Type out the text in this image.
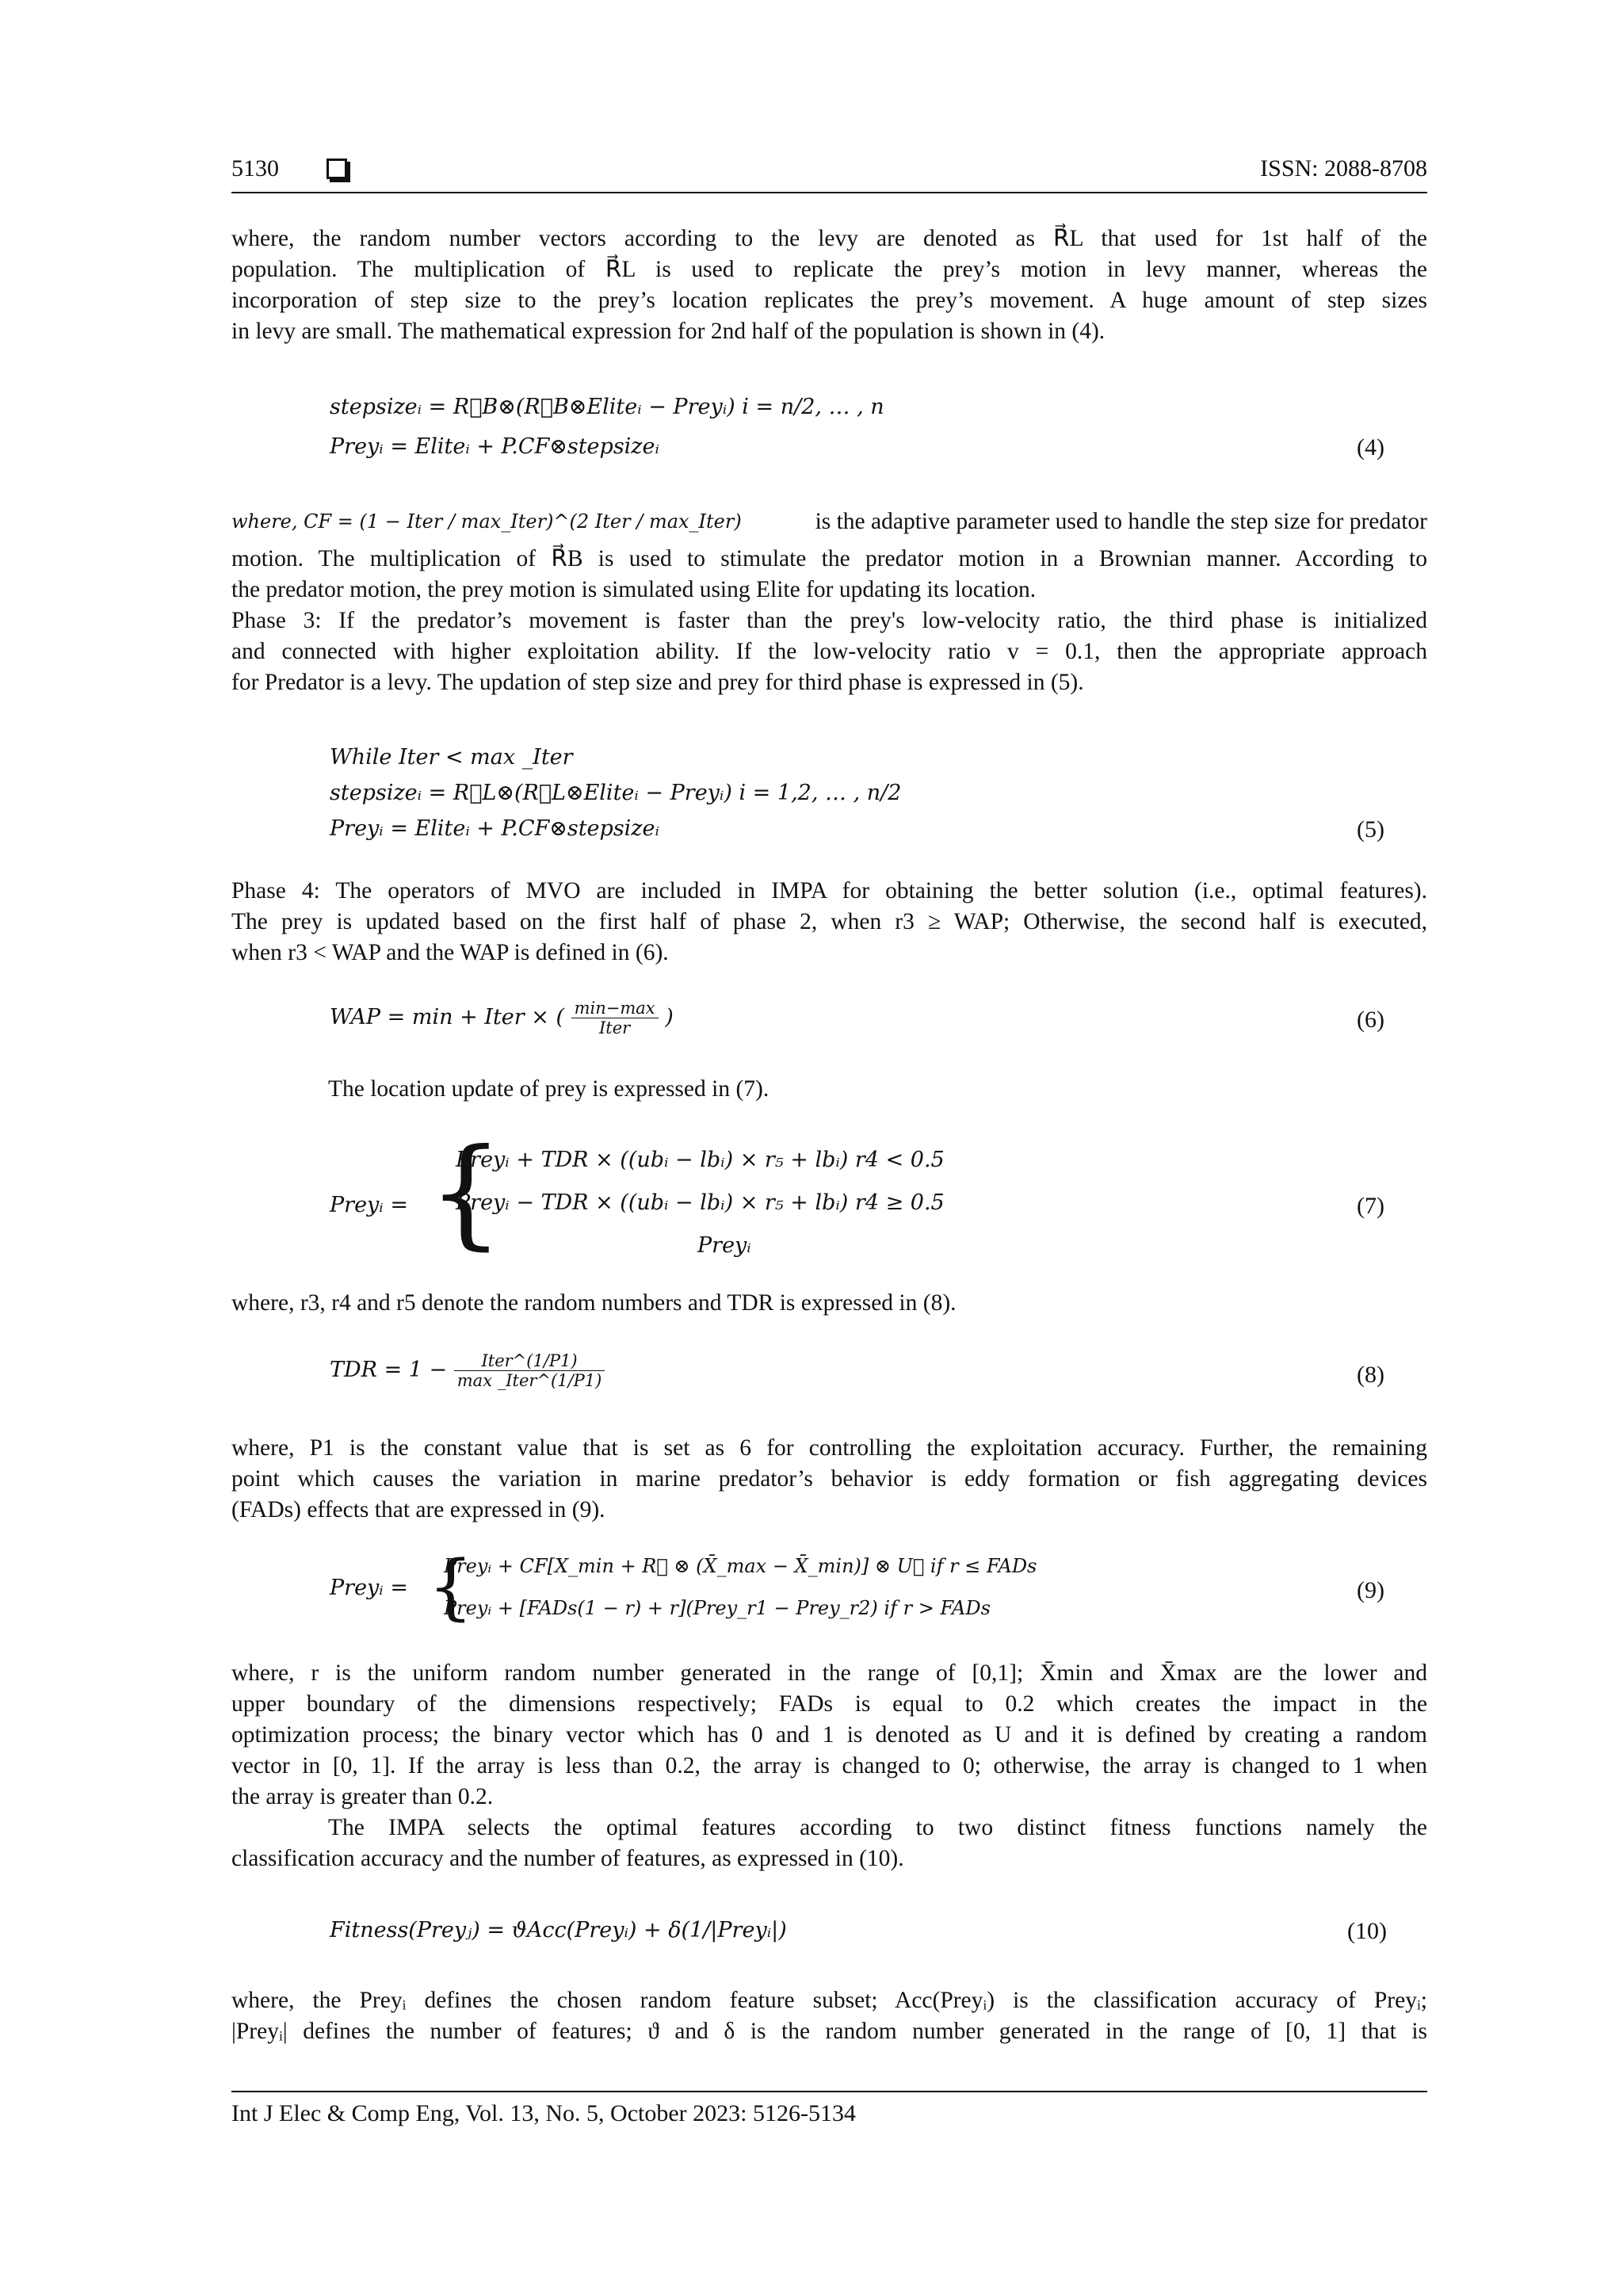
5130	ISSN: 2088-8708
where, the random number vectors according to the levy are denoted as R⃗L that used for 1st half of the
population. The multiplication of R⃗L is used to replicate the prey’s motion in levy manner, whereas the
incorporation of step size to the prey’s location replicates the prey’s movement. A huge amount of step sizes
in levy are small. The mathematical expression for 2nd half of the population is shown in (4).
stepsizeᵢ = R⃗B⊗(R⃗B⊗Eliteᵢ − Preyᵢ) i = n/2, … , n
Preyᵢ = Eliteᵢ + P.CF⊗stepsizeᵢ	(4)
where, CF = (1 − Iter / max_Iter)^(2 Iter / max_Iter)	is the adaptive parameter used to handle the step size for predator
motion. The multiplication of R⃗B is used to stimulate the predator motion in a Brownian manner. According to
the predator motion, the prey motion is simulated using Elite for updating its location.
Phase 3: If the predator’s movement is faster than the prey's low-velocity ratio, the third phase is initialized
and connected with higher exploitation ability. If the low-velocity ratio v = 0.1, then the appropriate approach
for Predator is a levy. The updation of step size and prey for third phase is expressed in (5).
While Iter < max _Iter
stepsizeᵢ = R⃗L⊗(R⃗L⊗Eliteᵢ − Preyᵢ) i = 1,2, … , n/2
Preyᵢ = Eliteᵢ + P.CF⊗stepsizeᵢ	(5)
Phase 4: The operators of MVO are included in IMPA for obtaining the better solution (i.e., optimal features).
The prey is updated based on the first half of phase 2, when r3 ≥ WAP; Otherwise, the second half is executed,
when r3 < WAP and the WAP is defined in (6).
WAP = min + Iter × ( $\frac{\min-\max}{\text{Iter}}$ )	(6)
The location update of prey is expressed in (7).
Preyᵢ = {
Preyᵢ + TDR × ((ubᵢ − lbᵢ) × r₅ + lbᵢ) r4 < 0.5
Preyᵢ − TDR × ((ubᵢ − lbᵢ) × r₅ + lbᵢ) r4 ≥ 0.5
Preyᵢ
(7)
where, r3, r4 and r5 denote the random numbers and TDR is expressed in (8).
TDR = $1 - \frac{\text{Iter\textasciicircum{}(1/P1)}}{\text{max \_Iter\textasciicircum{}(1/P1)}}$	(8)
where, P1 is the constant value that is set as 6 for controlling the exploitation accuracy. Further, the remaining
point which causes the variation in marine predator’s behavior is eddy formation or fish aggregating devices
(FADs) effects that are expressed in (9).
Preyᵢ = {
Preyᵢ + CF[X_min + R⃗ ⊗ (X̄_max − X̄_min)] ⊗ U⃗ if r ≤ FADs
Preyᵢ + [FADs(1 − r) + r](Prey_r1 − Prey_r2) if r > FADs
(9)
where, r is the uniform random number generated in the range of [0,1]; X̄min and X̄max are the lower and
upper boundary of the dimensions respectively; FADs is equal to 0.2 which creates the impact in the
optimization process; the binary vector which has 0 and 1 is denoted as U and it is defined by creating a random
vector in [0, 1]. If the array is less than 0.2, the array is changed to 0; otherwise, the array is changed to 1 when
the array is greater than 0.2.
The IMPA selects the optimal features according to two distinct fitness functions namely the
classification accuracy and the number of features, as expressed in (10).
Fitness(Preyⱼ) = ϑAcc(Preyᵢ) + δ(1/|Preyᵢ|)	(10)
where, the Preyᵢ defines the chosen random feature subset; Acc(Preyᵢ) is the classification accuracy of Preyᵢ;
|Preyᵢ| defines the number of features; ϑ and δ is the random number generated in the range of [0, 1] that is
Int J Elec & Comp Eng, Vol. 13, No. 5, October 2023: 5126-5134
